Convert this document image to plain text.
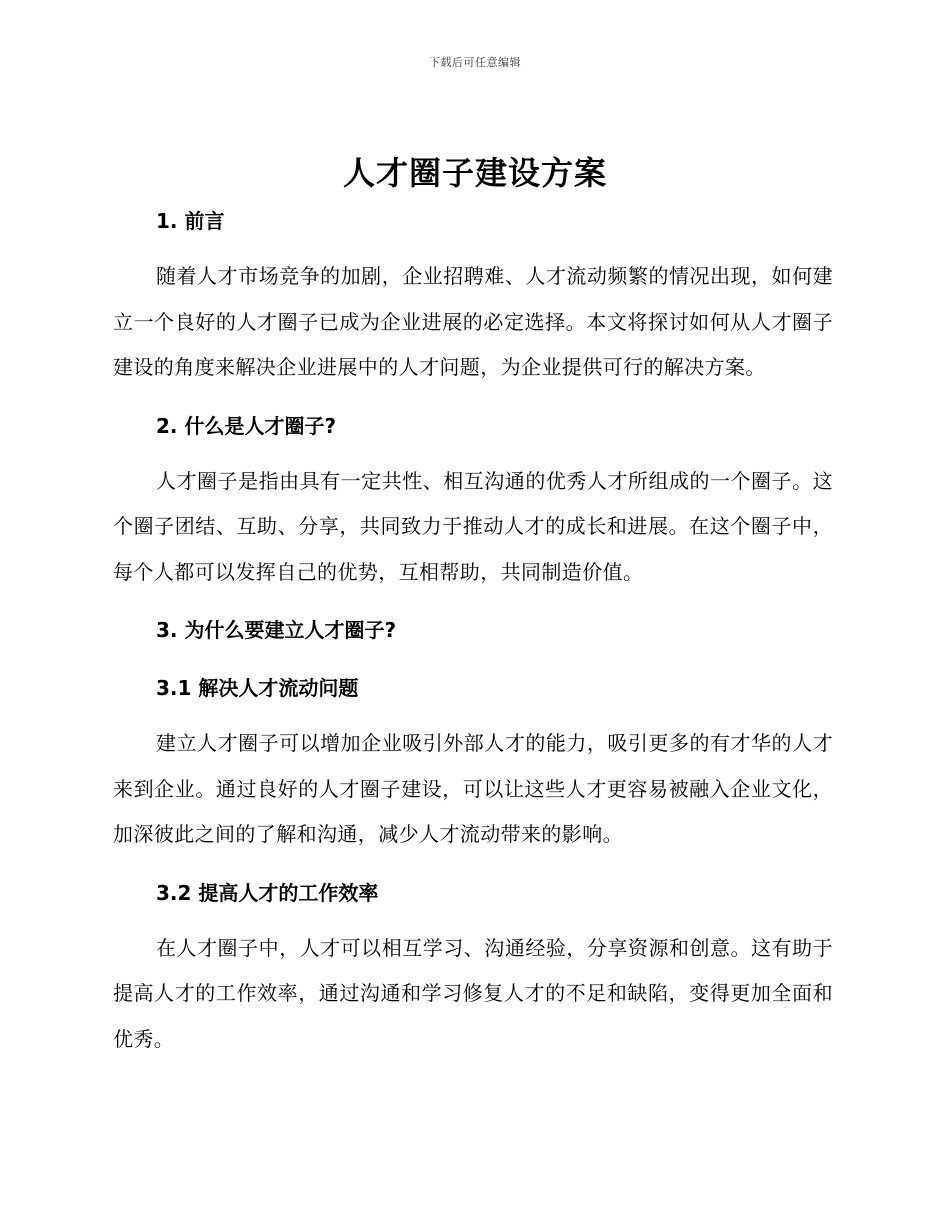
下载后可任意编辑
人才圈子建设方案
1. 前言

随着人才市场竞争的加剧，企业招聘难、人才流动频繁的情况出现，如何建立一个良好的人才圈子已成为企业进展的必定选择。本文将探讨如何从人才圈子建设的角度来解决企业进展中的人才问题，为企业提供可行的解决方案。

2. 什么是人才圈子?

人才圈子是指由具有一定共性、相互沟通的优秀人才所组成的一个圈子。这个圈子团结、互助、分享，共同致力于推动人才的成长和进展。在这个圈子中，每个人都可以发挥自己的优势，互相帮助，共同制造价值。

3. 为什么要建立人才圈子?
3.1 解决人才流动问题

建立人才圈子可以增加企业吸引外部人才的能力，吸引更多的有才华的人才来到企业。通过良好的人才圈子建设，可以让这些人才更容易被融入企业文化，加深彼此之间的了解和沟通，减少人才流动带来的影响。

3.2 提高人才的工作效率

在人才圈子中，人才可以相互学习、沟通经验，分享资源和创意。这有助于提高人才的工作效率，通过沟通和学习修复人才的不足和缺陷，变得更加全面和优秀。
